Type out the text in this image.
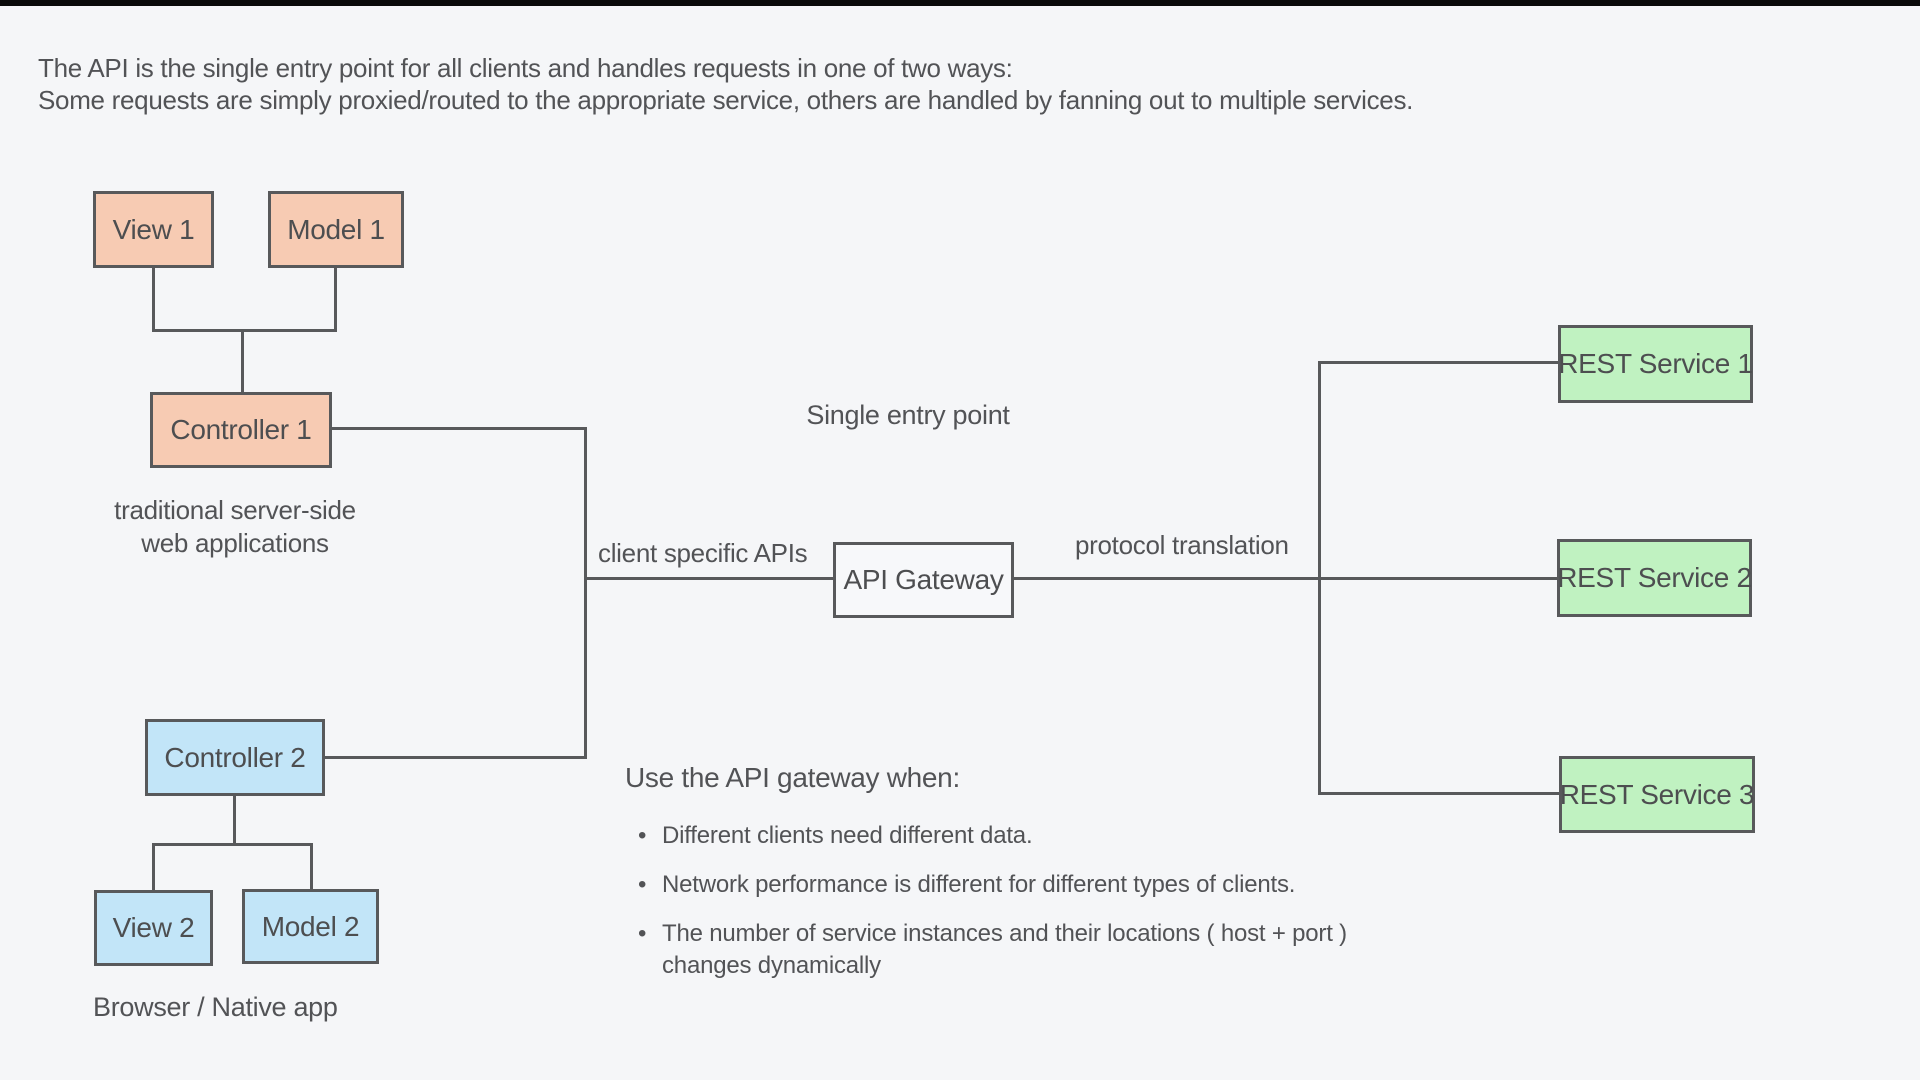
The API is the single entry point for all clients and handles requests in one of two ways:
Some requests are simply proxied/routed to the appropriate service, others are handled by fanning out to multiple services.
View 1	Model 1
Controller 1
Controller 2
View 2 Model 2
API Gateway
REST Service 1
REST Service 2
REST Service 3
traditional server-side
web applications
Browser / Native app
Single entry point
client specific APIs	protocol translation
Use the API gateway when:
• Different clients need different data.
• Network performance is different for different types of clients.
• The number of service instances and their locations ( host + port )
changes dynamically
